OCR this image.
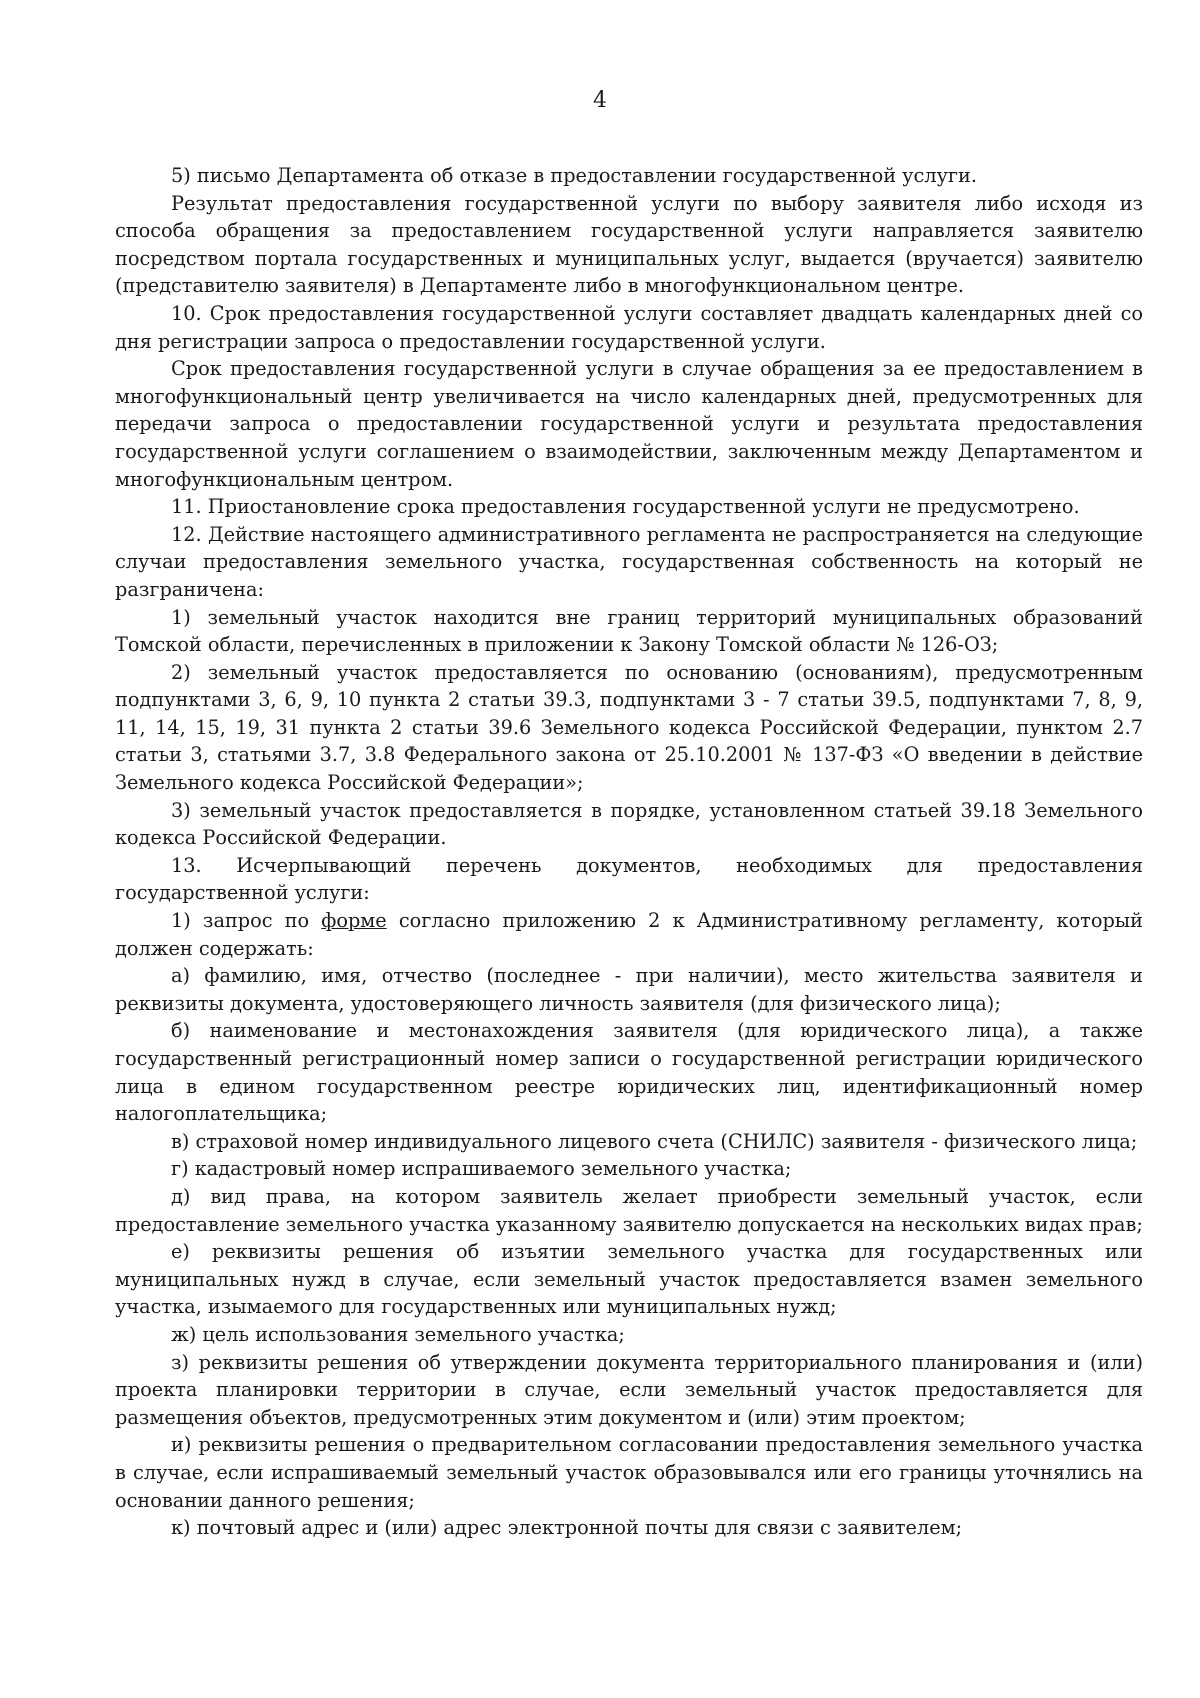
4

5) письмо Департамента об отказе в предоставлении государственной услуги.

Результат предоставления государственной услуги по выбору заявителя либо исходя из способа обращения за предоставлением государственной услуги направляется заявителю посредством портала государственных и муниципальных услуг, выдается (вручается) заявителю (представителю заявителя) в Департаменте либо в многофункциональном центре.

10. Срок предоставления государственной услуги составляет двадцать календарных дней со дня регистрации запроса о предоставлении государственной услуги.

Срок предоставления государственной услуги в случае обращения за ее предоставлением в многофункциональный центр увеличивается на число календарных дней, предусмотренных для передачи запроса о предоставлении государственной услуги и результата предоставления государственной услуги соглашением о взаимодействии, заключенным между Департаментом и многофункциональным центром.

11. Приостановление срока предоставления государственной услуги не предусмотрено.

12. Действие настоящего административного регламента не распространяется на следующие случаи предоставления земельного участка, государственная собственность на который не разграничена:

1) земельный участок находится вне границ территорий муниципальных образований Томской области, перечисленных в приложении к Закону Томской области № 126-ОЗ;

2) земельный участок предоставляется по основанию (основаниям), предусмотренным подпунктами 3, 6, 9, 10 пункта 2 статьи 39.3, подпунктами 3 - 7 статьи 39.5, подпунктами 7, 8, 9, 11, 14, 15, 19, 31 пункта 2 статьи 39.6 Земельного кодекса Российской Федерации, пунктом 2.7 статьи 3, статьями 3.7, 3.8 Федерального закона от 25.10.2001 № 137-ФЗ «О введении в действие Земельного кодекса Российской Федерации»;

3) земельный участок предоставляется в порядке, установленном статьей 39.18 Земельного кодекса Российской Федерации.

13. Исчерпывающий перечень документов, необходимых для предоставления государственной услуги:

1) запрос по форме согласно приложению 2 к Административному регламенту, который должен содержать:

а) фамилию, имя, отчество (последнее - при наличии), место жительства заявителя и реквизиты документа, удостоверяющего личность заявителя (для физического лица);

б) наименование и местонахождения заявителя (для юридического лица), а также государственный регистрационный номер записи о государственной регистрации юридического лица в едином государственном реестре юридических лиц, идентификационный номер налогоплательщика;

в) страховой номер индивидуального лицевого счета (СНИЛС) заявителя - физического лица;

г) кадастровый номер испрашиваемого земельного участка;

д) вид права, на котором заявитель желает приобрести земельный участок, если предоставление земельного участка указанному заявителю допускается на нескольких видах прав;

е) реквизиты решения об изъятии земельного участка для государственных или муниципальных нужд в случае, если земельный участок предоставляется взамен земельного участка, изымаемого для государственных или муниципальных нужд;

ж) цель использования земельного участка;

з) реквизиты решения об утверждении документа территориального планирования и (или) проекта планировки территории в случае, если земельный участок предоставляется для размещения объектов, предусмотренных этим документом и (или) этим проектом;

и) реквизиты решения о предварительном согласовании предоставления земельного участка в случае, если испрашиваемый земельный участок образовывался или его границы уточнялись на основании данного решения;

к) почтовый адрес и (или) адрес электронной почты для связи с заявителем;
